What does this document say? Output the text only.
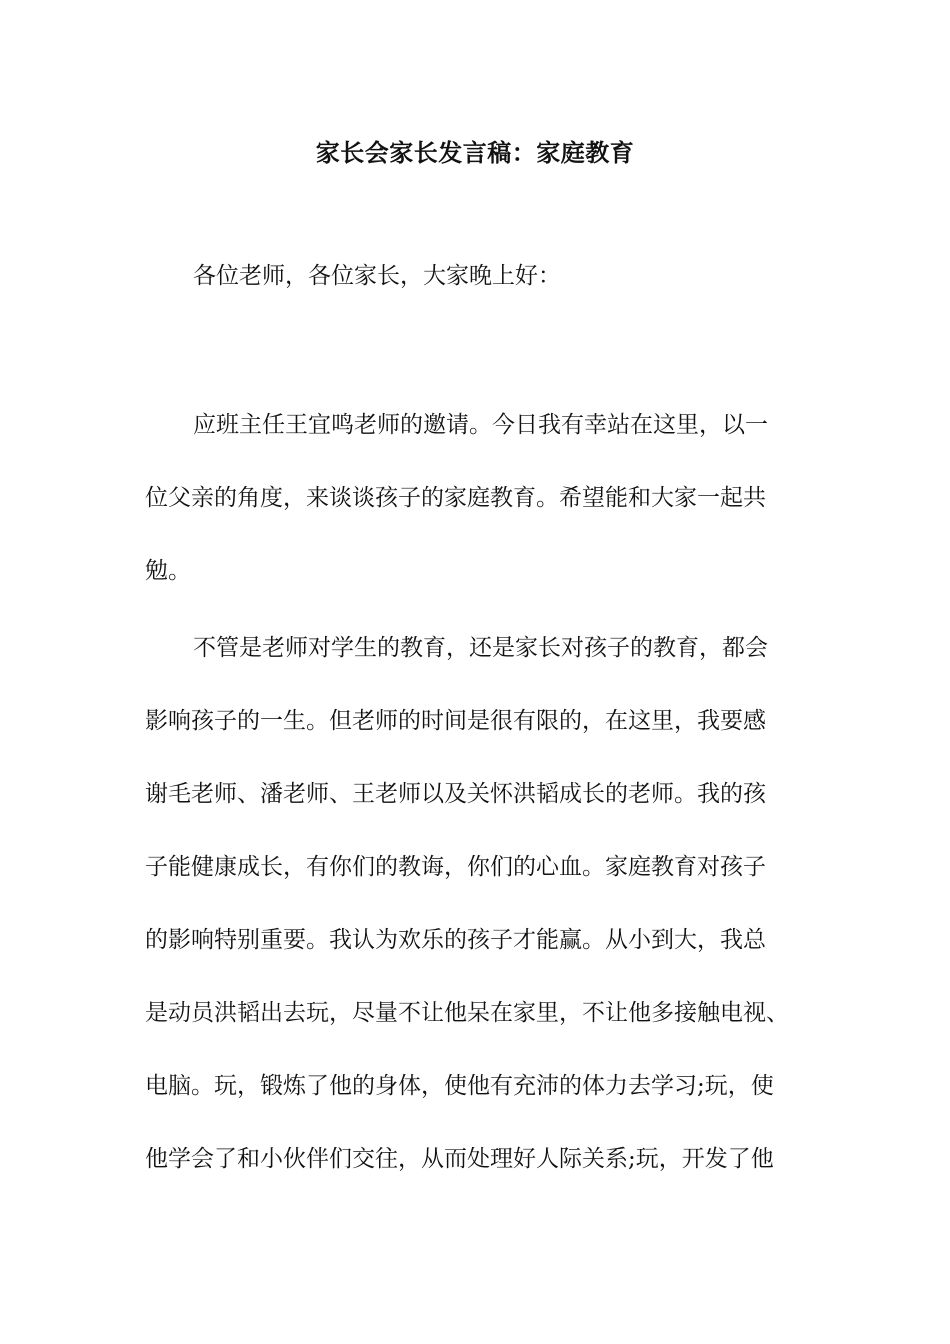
家长会家长发言稿：家庭教育
各位老师，各位家长，大家晚上好：
应班主任王宜鸣老师的邀请。今日我有幸站在这里，以一
位父亲的角度，来谈谈孩子的家庭教育。希望能和大家一起共
勉。
不管是老师对学生的教育，还是家长对孩子的教育，都会
影响孩子的一生。但老师的时间是很有限的，在这里，我要感
谢毛老师、潘老师、王老师以及关怀洪韬成长的老师。我的孩
子能健康成长，有你们的教诲，你们的心血。家庭教育对孩子
的影响特别重要。我认为欢乐的孩子才能赢。从小到大，我总
是动员洪韬出去玩，尽量不让他呆在家里，不让他多接触电视、
电脑。玩，锻炼了他的身体，使他有充沛的体力去学习;玩，使
他学会了和小伙伴们交往，从而处理好人际关系;玩，开发了他
